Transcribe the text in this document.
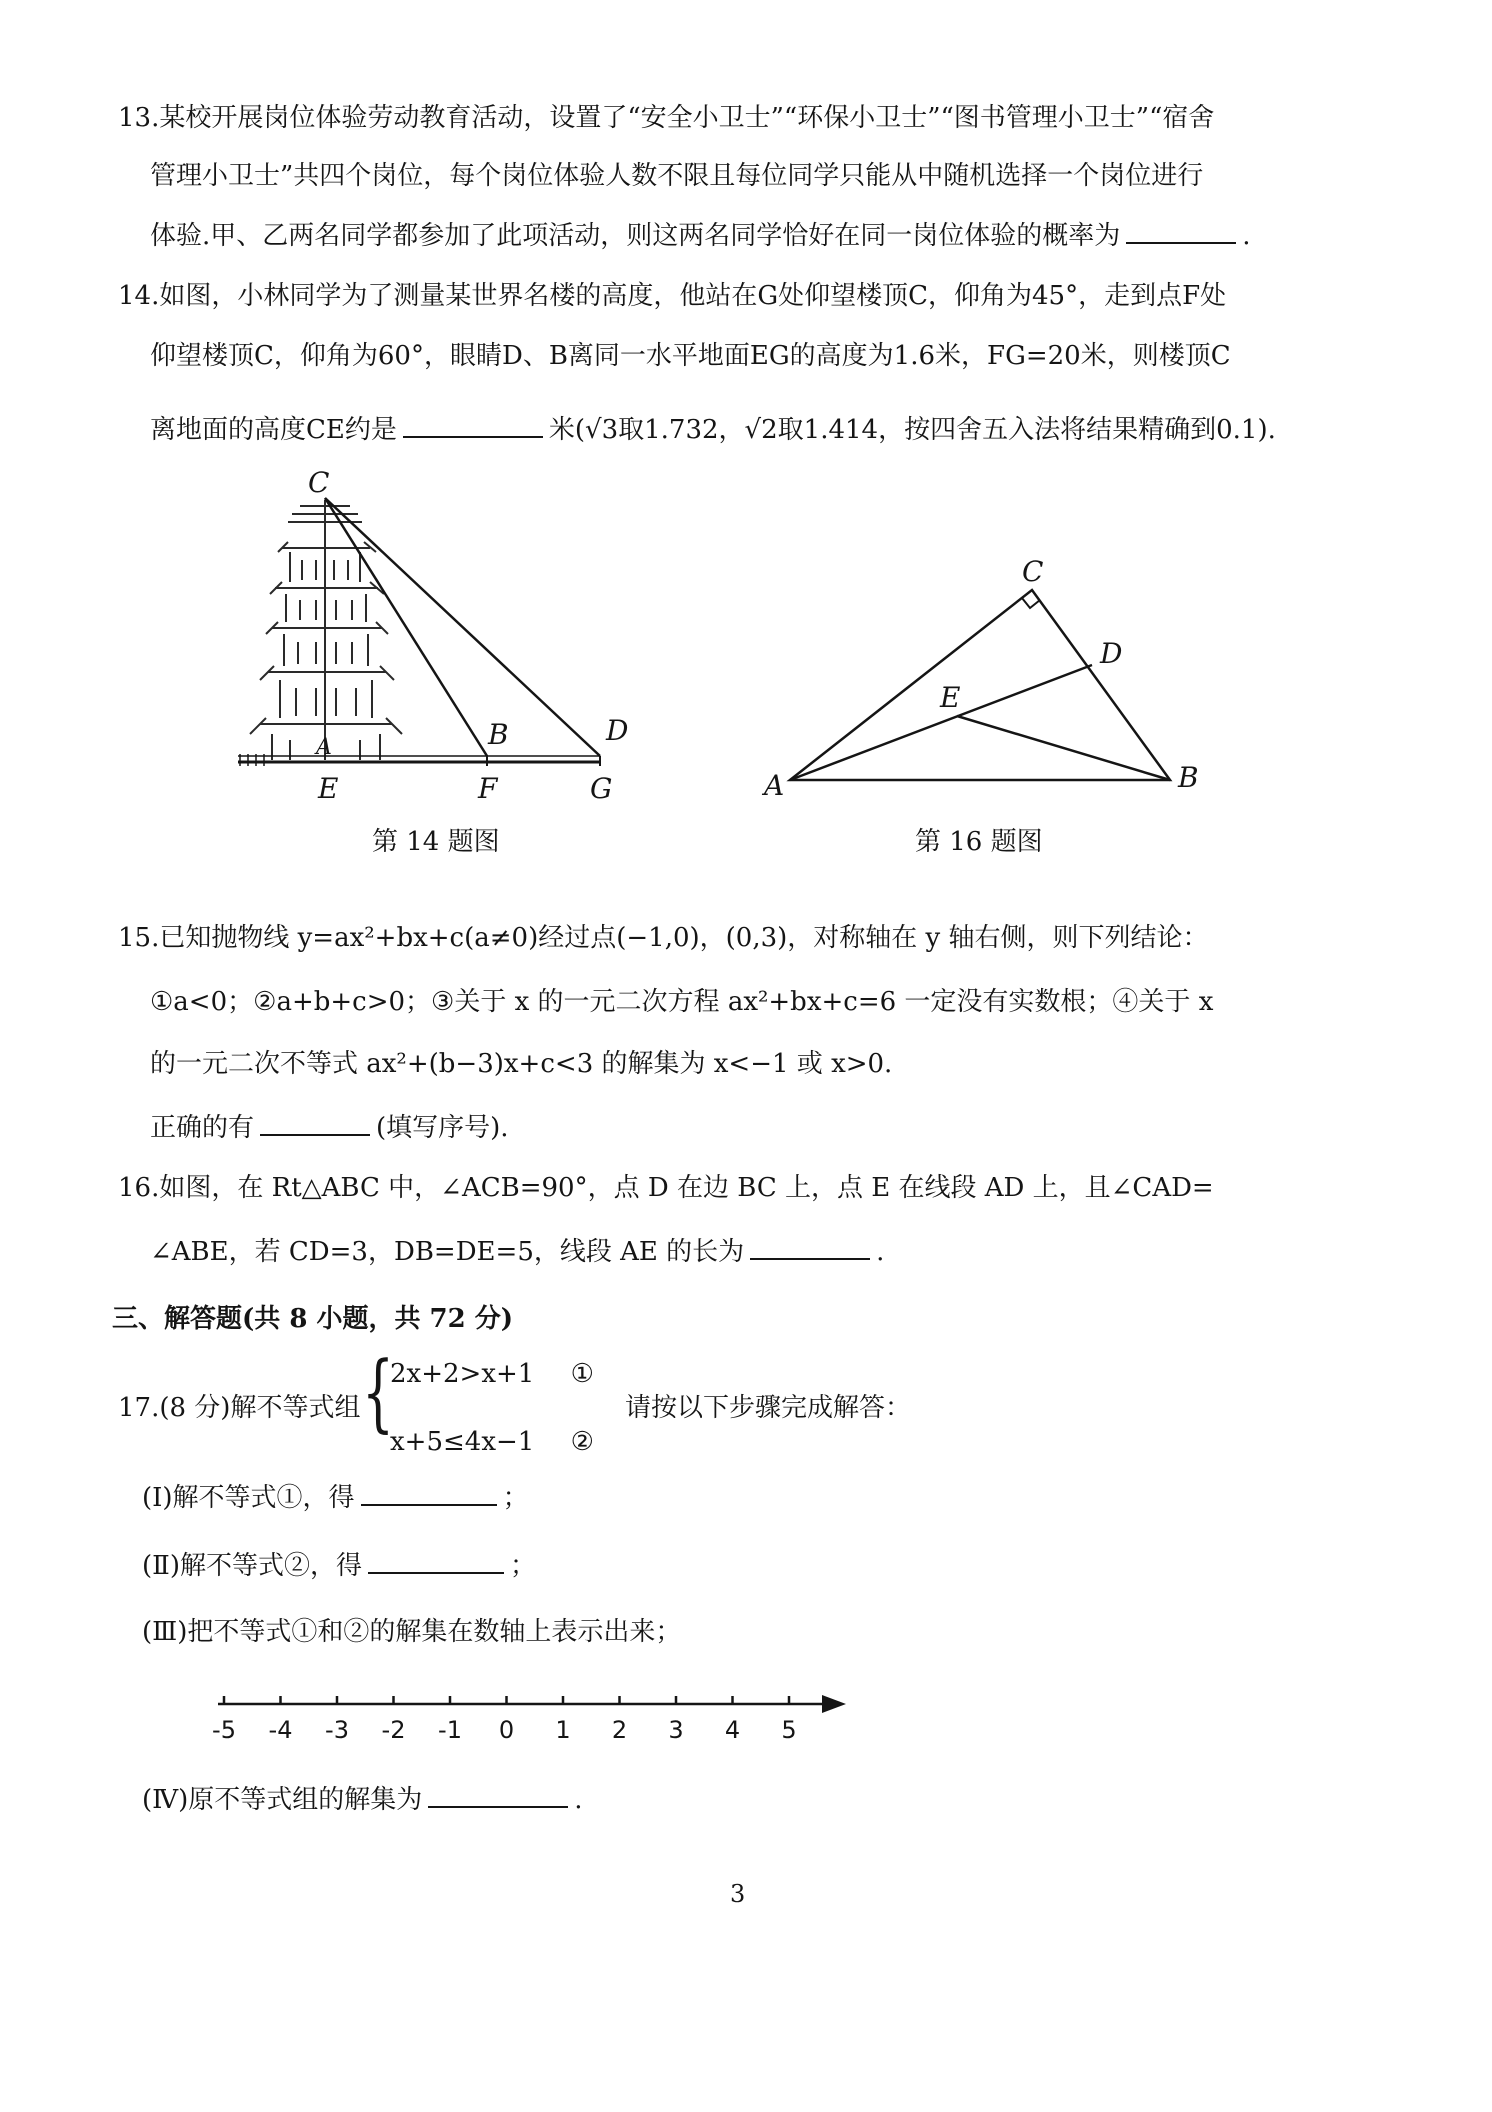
13.某校开展岗位体验劳动教育活动，设置了“安全小卫士”“环保小卫士”“图书管理小卫士”“宿舍
管理小卫士”共四个岗位，每个岗位体验人数不限且每位同学只能从中随机选择一个岗位进行
体验.甲、乙两名同学都参加了此项活动，则这两名同学恰好在同一岗位体验的概率为	.
14.如图，小林同学为了测量某世界名楼的高度，他站在G处仰望楼顶C，仰角为45°，走到点F处
仰望楼顶C，仰角为60°，眼睛D、B离同一水平地面EG的高度为1.6米，FG=20米，则楼顶C
离地面的高度CE约是	米(√3取1.732，√2取1.414，按四舍五入法将结果精确到0.1).
C
A	B	D
E	F	G
第 14 题图
C
D
E
A	B
第 16 题图
15.已知抛物线 y=ax²+bx+c(a≠0)经过点(−1,0)，(0,3)，对称轴在 y 轴右侧，则下列结论：
①a<0；②a+b+c>0；③关于 x 的一元二次方程 ax²+bx+c=6 一定没有实数根；④关于 x
的一元二次不等式 ax²+(b−3)x+c<3 的解集为 x<−1 或 x>0.
正确的有	(填写序号).
16.如图，在 Rt△ABC 中，∠ACB=90°，点 D 在边 BC 上，点 E 在线段 AD 上，且∠CAD=
∠ABE，若 CD=3，DB=DE=5，线段 AE 的长为	.
三、解答题(共 8 小题，共 72 分)
17.(8 分)解不等式组 {
2x+2>x+1 ①
x+5≤4x−1 ②
请按以下步骤完成解答：
(Ⅰ)解不等式①，得	；
(Ⅱ)解不等式②，得	；
(Ⅲ)把不等式①和②的解集在数轴上表示出来；
-5 -4 -3 -2 -1 0 1 2 3 4 5
(Ⅳ)原不等式组的解集为	.
3
